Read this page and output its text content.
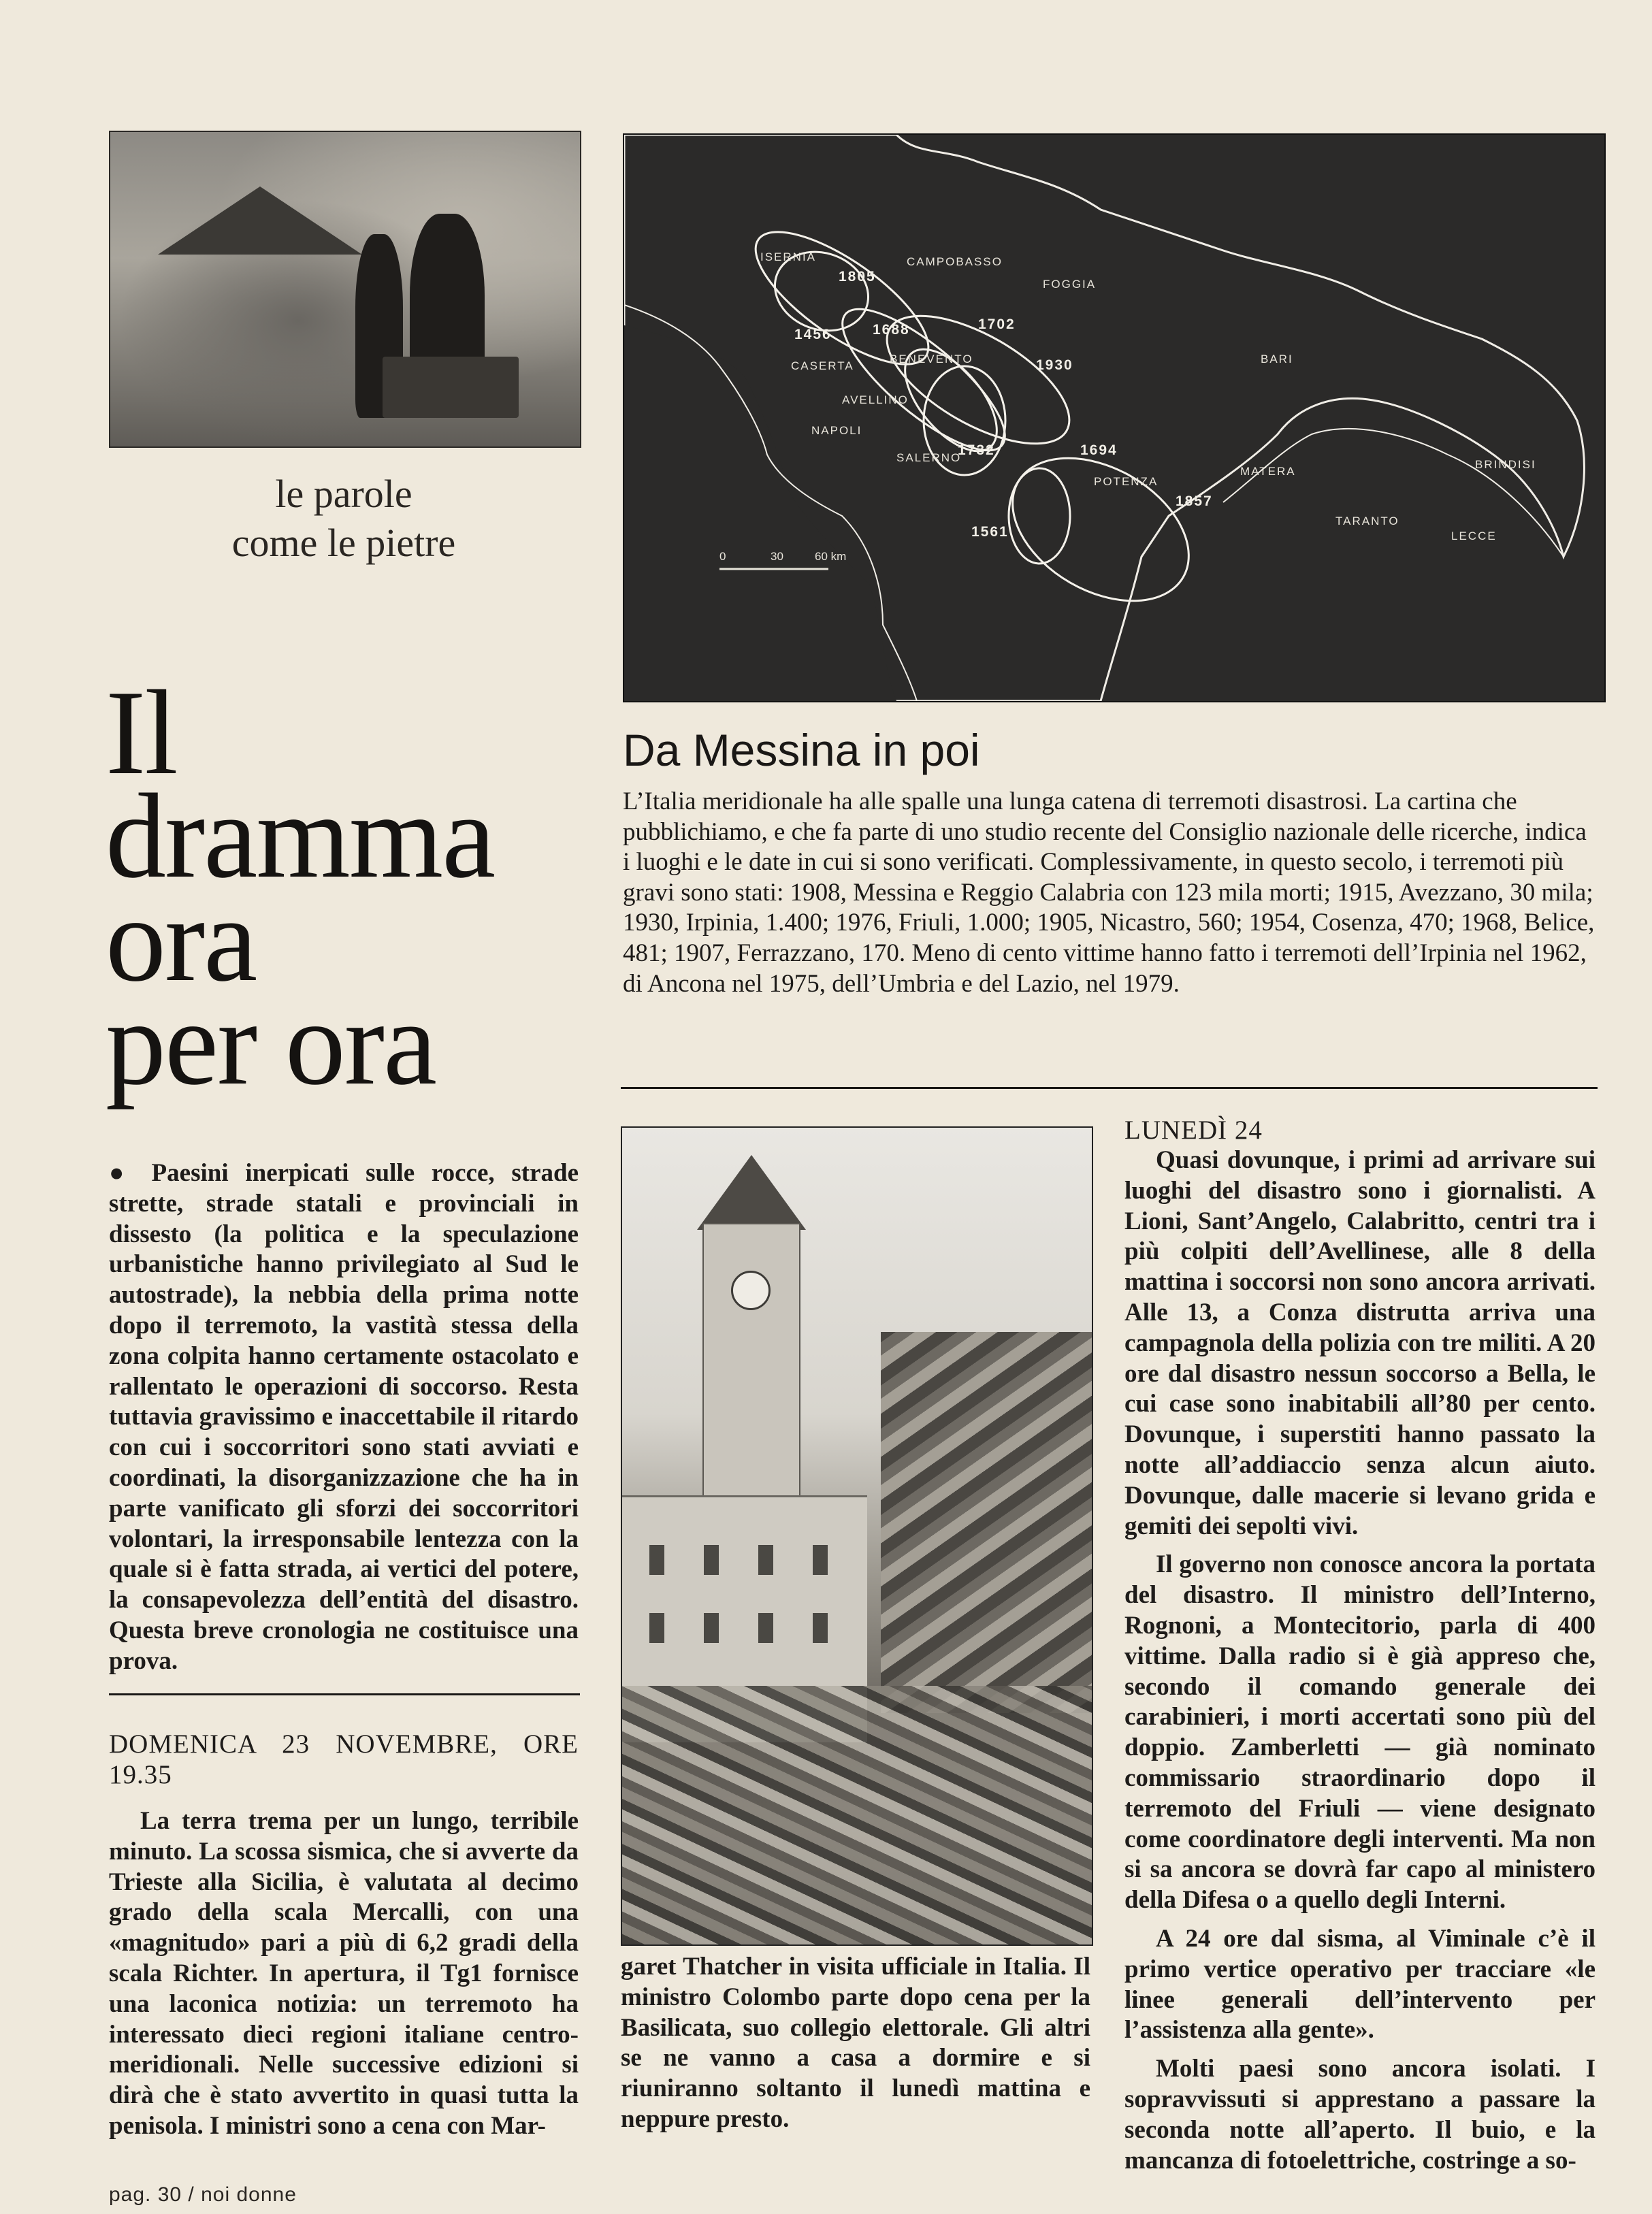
le parole
come le pietre
Il
dramma
ora
per ora
ISERNIA	CAMPOBASSO
FOGGIA
CASERTA
BENEVENTO
AVELLINO
NAPOLI
SALERNO
BARI
POTENZA
MATERA
TARANTO
BRINDISI
LECCE
1805
1456	1688	1702
1930
1694
1732
1857
1561
0	30	60 km
Da Messina in poi
L’Italia meridionale ha alle spalle una lunga catena di terremoti disastrosi. La cartina che pubblichiamo, e che fa parte di uno studio recente del Consiglio nazionale delle ricerche, indica i luoghi e le date in cui si sono verificati. Complessivamente, in questo secolo, i terremoti più gravi sono stati: 1908, Messina e Reggio Calabria con 123 mila morti; 1915, Avezzano, 30 mila; 1930, Irpinia, 1.400; 1976, Friuli, 1.000; 1905, Nicastro, 560; 1954, Cosenza, 470; 1968, Belice, 481; 1907, Ferrazzano, 170. Meno di cento vittime hanno fatto i terremoti dell’Irpinia nel 1962, di Ancona nel 1975, dell’Umbria e del Lazio, nel 1979.

● Paesini inerpicati sulle rocce, strade strette, strade statali e provinciali in dissesto (la politica e la speculazione urbanistiche hanno privilegiato al Sud le autostrade), la nebbia della prima notte dopo il terremoto, la vastità stessa della zona colpita hanno certamente ostacolato e rallentato le operazioni di soccorso. Resta tuttavia gravissimo e inaccettabile il ritardo con cui i soccorritori sono stati avviati e coordinati, la disorganizzazione che ha in parte vanificato gli sforzi dei soccorritori volontari, la irresponsabile lentezza con la quale si è fatta strada, ai vertici del potere, la consapevolezza dell’entità del disastro. Questa breve cronologia ne costituisce una prova.

DOMENICA 23 NOVEMBRE, ORE 19.35

La terra trema per un lungo, terribile minuto. La scossa sismica, che si avverte da Trieste alla Sicilia, è valutata al decimo grado della scala Mercalli, con una «magnitudo» pari a più di 6,2 gradi della scala Richter. In apertura, il Tg1 fornisce una laconica notizia: un terremoto ha interessato dieci regioni italiane centro-meridionali. Nelle successive edizioni si dirà che è stato avvertito in quasi tutta la penisola. I ministri sono a cena con Mar-

garet Thatcher in visita ufficiale in Italia. Il ministro Colombo parte dopo cena per la Basilicata, suo collegio elettorale. Gli altri se ne vanno a casa a dormire e si riuniranno soltanto il lunedì mattina e neppure presto.

LUNEDÌ 24

Quasi dovunque, i primi ad arrivare sui luoghi del disastro sono i giornalisti. A Lioni, Sant’Angelo, Calabritto, centri tra i più colpiti dell’Avellinese, alle 8 della mattina i soccorsi non sono ancora arrivati. Alle 13, a Conza distrutta arriva una campagnola della polizia con tre militi. A 20 ore dal disastro nessun soccorso a Bella, le cui case sono inabitabili all’80 per cento. Dovunque, i superstiti hanno passato la notte all’addiaccio senza alcun aiuto. Dovunque, dalle macerie si levano grida e gemiti dei sepolti vivi.

Il governo non conosce ancora la portata del disastro. Il ministro dell’Interno, Rognoni, a Montecitorio, parla di 400 vittime. Dalla radio si è già appreso che, secondo il comando generale dei carabinieri, i morti accertati sono più del doppio. Zamberletti — già nominato commissario straordinario dopo il terremoto del Friuli — viene designato come coordinatore degli interventi. Ma non si sa ancora se dovrà far capo al ministero della Difesa o a quello degli Interni.

A 24 ore dal sisma, al Viminale c’è il primo vertice operativo per tracciare «le linee generali dell’intervento per l’assistenza alla gente».

Molti paesi sono ancora isolati. I sopravvissuti si apprestano a passare la seconda notte all’aperto. Il buio, e la mancanza di fotoelettriche, costringe a so-

pag. 30 / noi donne
